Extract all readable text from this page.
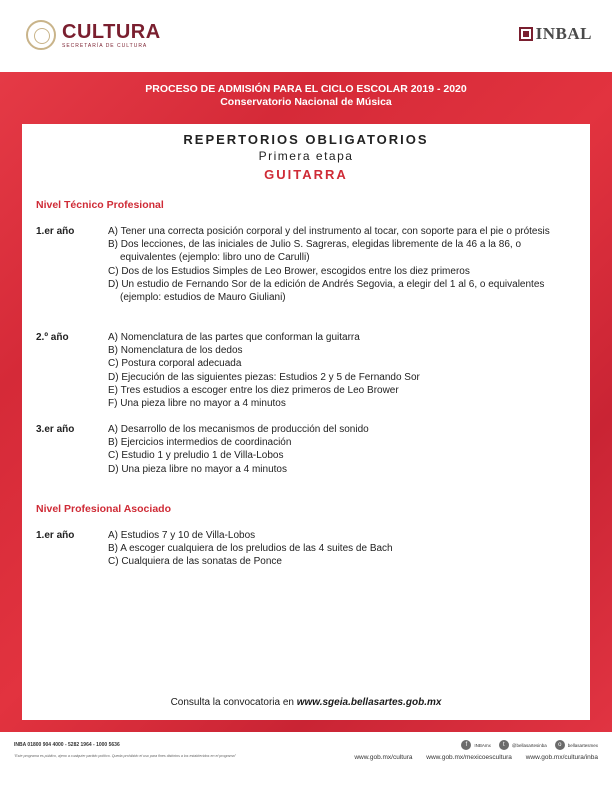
CULTURA
SECRETARÍA DE CULTURA
INBAL
PROCESO DE ADMISIÓN PARA EL CICLO ESCOLAR 2019 - 2020
Conservatorio Nacional de Música
REPERTORIOS OBLIGATORIOS
Primera etapa
GUITARRA
Nivel Técnico Profesional
1.er año	A) Tener una correcta posición corporal y del instrumento al tocar, con soporte para el pie o prótesis
B) Dos lecciones, de las iniciales de Julio S. Sagreras, elegidas libremente de la 46 a la 86, o equivalentes (ejemplo: libro uno de Carulli)
C) Dos de los Estudios Simples de Leo Brower, escogidos entre los diez primeros
D) Un estudio de Fernando Sor de la edición de Andrés Segovia, a elegir del 1 al 6, o equivalentes (ejemplo: estudios de Mauro Giuliani)
2.º año	A) Nomenclatura de las partes que conforman la guitarra
B) Nomenclatura de los dedos
C) Postura corporal adecuada
D) Ejecución de las siguientes piezas: Estudios 2 y 5 de Fernando Sor
E) Tres estudios a escoger entre los diez primeros de Leo Brower
F) Una pieza libre no mayor a 4 minutos
3.er año	A) Desarrollo de los mecanismos de producción del sonido
B) Ejercicios intermedios de coordinación
C) Estudio 1 y preludio 1 de Villa-Lobos
D) Una pieza libre no mayor a 4 minutos
Nivel Profesional Asociado
1.er año	A) Estudios 7 y 10 de Villa-Lobos
B) A escoger cualquiera de los preludios de las 4 suites de Bach
C) Cualquiera de las sonatas de Ponce
Consulta la convocatoria en www.sgeia.bellasartes.gob.mx
INBA 01800 904 4000 - 5282 1964 - 1000 5636
"Este programa es público, ajeno a cualquier partido político. Queda prohibido el uso para fines distintos a los establecidos en el programa"
f	INBAmx	t	@bellasartesinba	o	bellasartesmex
www.gob.mx/cultura www.gob.mx/mexicoescultura www.gob.mx/cultura/inba
